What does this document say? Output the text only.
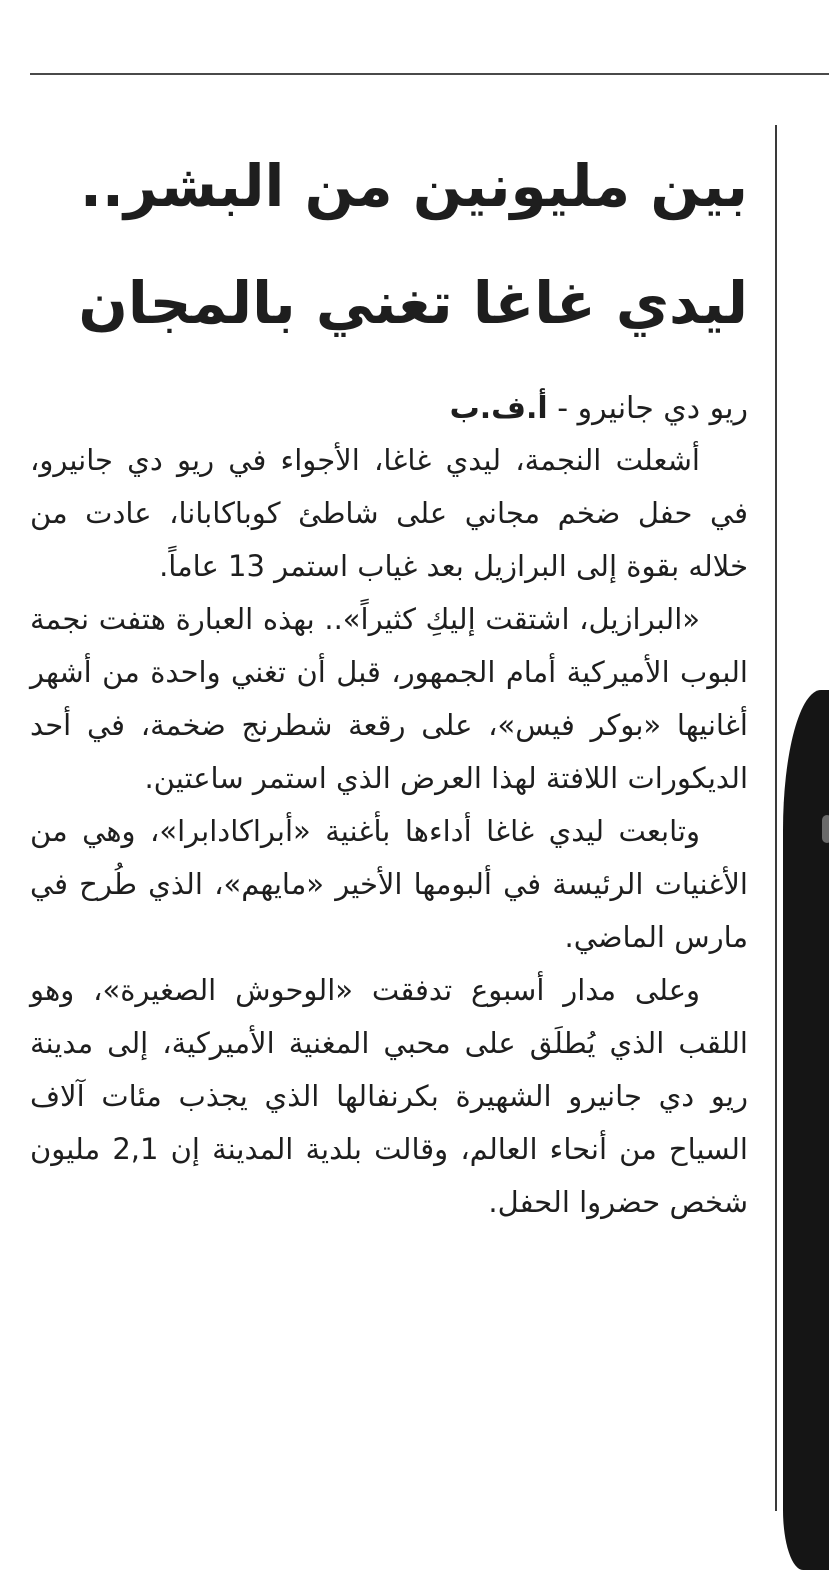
بين مليونين من البشر.. ليدي غاغا تغني بالمجان

ريو دي جانيرو - أ.ف.ب

أشعلت النجمة، ليدي غاغا، الأجواء في ريو دي جانيرو، في حفل ضخم مجاني على شاطئ كوباكابانا، عادت من خلاله بقوة إلى البرازيل بعد غياب استمر 13 عاماً.

«البرازيل، اشتقت إليكِ كثيراً».. بهذه العبارة هتفت نجمة البوب الأميركية أمام الجمهور، قبل أن تغني واحدة من أشهر أغانيها «بوكر فيس»، على رقعة شطرنج ضخمة، في أحد الديكورات اللافتة لهذا العرض الذي استمر ساعتين.

وتابعت ليدي غاغا أداءها بأغنية «أبراكادابرا»، وهي من الأغنيات الرئيسة في ألبومها الأخير «مايهم»، الذي طُرح في مارس الماضي.

وعلى مدار أسبوع تدفقت «الوحوش الصغيرة»، وهو اللقب الذي يُطلَق على محبي المغنية الأميركية، إلى مدينة ريو دي جانيرو الشهيرة بكرنفالها الذي يجذب مئات آلاف السياح من أنحاء العالم، وقالت بلدية المدينة إن 2,1 مليون شخص حضروا الحفل.
